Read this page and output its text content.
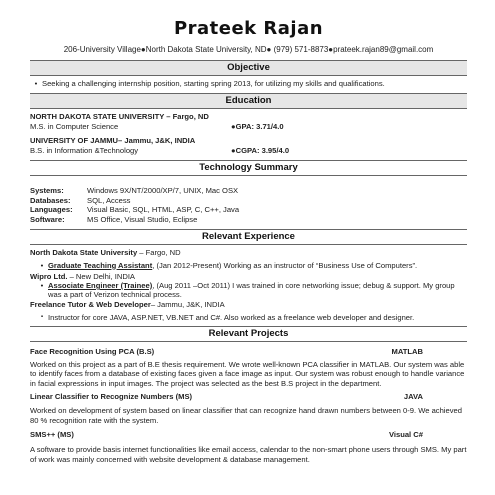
Prateek Rajan
206-University Village●North Dakota State University, ND● (979) 571-8873●prateek.rajan89@gmail.com
Objective
• Seeking a challenging internship position, starting spring 2013, for utilizing my skills and qualifications.
Education
NORTH DAKOTA STATE UNIVERSITY – Fargo, ND
M.S. in Computer Science	●GPA: 3.71/4.0
UNIVERSITY OF JAMMU– Jammu, J&K, INDIA
B.S. in Information &Technology	●CGPA: 3.95/4.0
Technology Summary
Systems:	Windows 9X/NT/2000/XP/7, UNIX, Mac OSX
Databases:	SQL, Access
Languages:	Visual Basic, SQL, HTML, ASP, C, C++, Java
Software:	MS Office, Visual Studio, Eclipse
Relevant Experience
North Dakota State University – Fargo, ND
• Graduate Teaching Assistant, (Jan 2012-Present) Working as an instructor of “Business Use of Computers”.
Wipro Ltd. – New Delhi, INDIA
• Associate Engineer (Trainee), (Aug 2011 –Oct 2011) I was trained in core networking issue; debug & support. My group was a part of Verizon technical process.
Freelance Tutor & Web Developer– Jammu, J&K, INDIA
▪ Instructor for core JAVA, ASP.NET, VB.NET and C#. Also worked as a freelance web developer and designer.
Relevant Projects
Face Recognition Using PCA (B.S)	MATLAB
Worked on this project as a part of B.E thesis requirement. We wrote well-known PCA classifier in MATLAB. Our system was able to identify faces from a database of existing faces given a face image as input. Our system was robust enough to handle variance in facial expressions in input images. The project was selected as the best B.S project in the department.
Linear Classifier to Recognize Numbers (MS)	JAVA
Worked on development of system based on linear classifier that can recognize hand drawn numbers between 0-9. We achieved 80 % recognition rate with the system.
SMS++ (MS)	Visual C#
A software to provide basis internet functionalities like email access, calendar to the non-smart phone users through SMS. My part of work was mainly concerned with website development & database management.
